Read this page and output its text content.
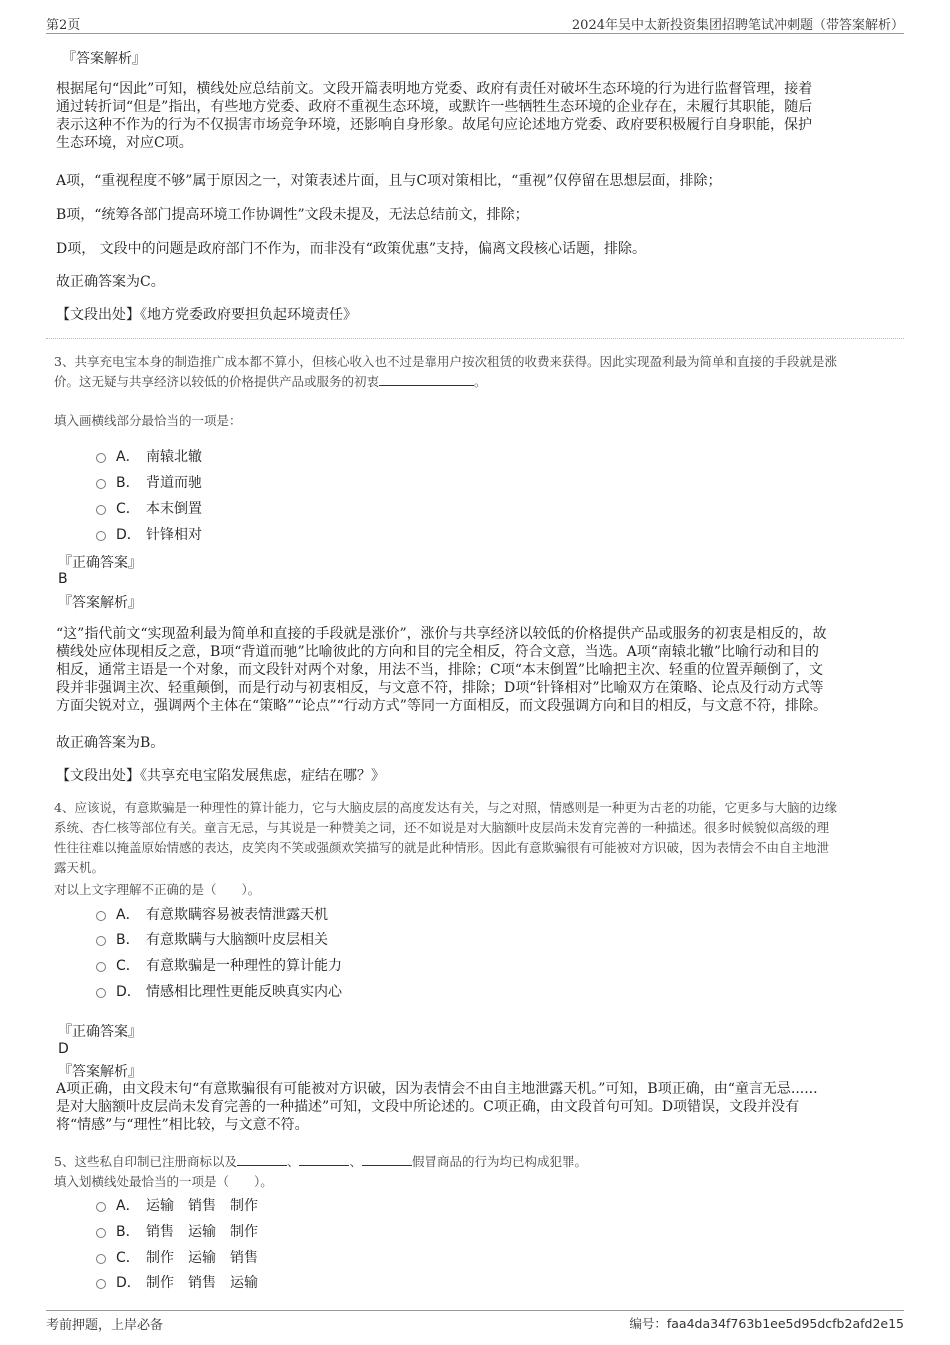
第2页	2024年吴中太新投资集团招聘笔试冲刺题（带答案解析）
『答案解析』
根据尾句“因此”可知，横线处应总结前文。文段开篇表明地方党委、政府有责任对破坏生态环境的行为进行监督管理，接着
通过转折词“但是”指出，有些地方党委、政府不重视生态环境，或默许一些牺牲生态环境的企业存在，未履行其职能，随后
表示这种不作为的行为不仅损害市场竞争环境，还影响自身形象。故尾句应论述地方党委、政府要积极履行自身职能，保护
生态环境，对应C项。
A项，“重视程度不够”属于原因之一，对策表述片面，且与C项对策相比，“重视”仅停留在思想层面，排除；
B项，“统筹各部门提高环境工作协调性”文段未提及，无法总结前文，排除；
D项， 文段中的问题是政府部门不作为，而非没有“政策优惠”支持，偏离文段核心话题，排除。
故正确答案为C。
【文段出处】《地方党委政府要担负起环境责任》
3、共享充电宝本身的制造推广成本都不算小，但核心收入也不过是靠用户按次租赁的收费来获得。因此实现盈利最为简单和直接的手段就是涨
价。这无疑与共享经济以较低的价格提供产品或服务的初衷	。
填入画横线部分最恰当的一项是：
A． 南辕北辙
B． 背道而驰
C． 本末倒置
D． 针锋相对
『正确答案』
B
『答案解析』
“这”指代前文“实现盈利最为简单和直接的手段就是涨价”，涨价与共享经济以较低的价格提供产品或服务的初衷是相反的，故
横线处应体现相反之意，B项“背道而驰”比喻彼此的方向和目的完全相反，符合文意，当选。A项“南辕北辙”比喻行动和目的
相反，通常主语是一个对象，而文段针对两个对象，用法不当，排除；C项“本末倒置”比喻把主次、轻重的位置弄颠倒了，文
段并非强调主次、轻重颠倒，而是行动与初衷相反，与文意不符，排除；D项“针锋相对”比喻双方在策略、论点及行动方式等
方面尖锐对立，强调两个主体在“策略”“论点”“行动方式”等同一方面相反，而文段强调方向和目的相反，与文意不符，排除。
故正确答案为B。
【文段出处】《共享充电宝陷发展焦虑，症结在哪？》
4、应该说，有意欺骗是一种理性的算计能力，它与大脑皮层的高度发达有关，与之对照，情感则是一种更为古老的功能，它更多与大脑的边缘
系统、杏仁核等部位有关。童言无忌，与其说是一种赞美之词，还不如说是对大脑额叶皮层尚未发育完善的一种描述。很多时候貌似高级的理
性往往难以掩盖原始情感的表达，皮笑肉不笑或强颜欢笑描写的就是此种情形。因此有意欺骗很有可能被对方识破，因为表情会不由自主地泄
露天机。
对以上文字理解不正确的是（　　）。
A． 有意欺瞒容易被表情泄露天机
B． 有意欺瞒与大脑额叶皮层相关
C． 有意欺骗是一种理性的算计能力
D． 情感相比理性更能反映真实内心
『正确答案』
D
『答案解析』
A项正确，由文段末句“有意欺骗很有可能被对方识破，因为表情会不由自主地泄露天机。”可知，B项正确，由“童言无忌......
是对大脑额叶皮层尚未发育完善的一种描述”可知，文段中所论述的。C项正确，由文段首句可知。D项错误，文段并没有
将“情感”与“理性”相比较，与文意不符。
5、这些私自印制已注册商标以及	、	、	假冒商品的行为均已构成犯罪。
填入划横线处最恰当的一项是（　　）。
A． 运输 销售 制作
B． 销售 运输 制作
C． 制作 运输 销售
D． 制作 销售 运输
考前押题，上岸必备	编号：faa4da34f763b1ee5d95dcfb2afd2e15
